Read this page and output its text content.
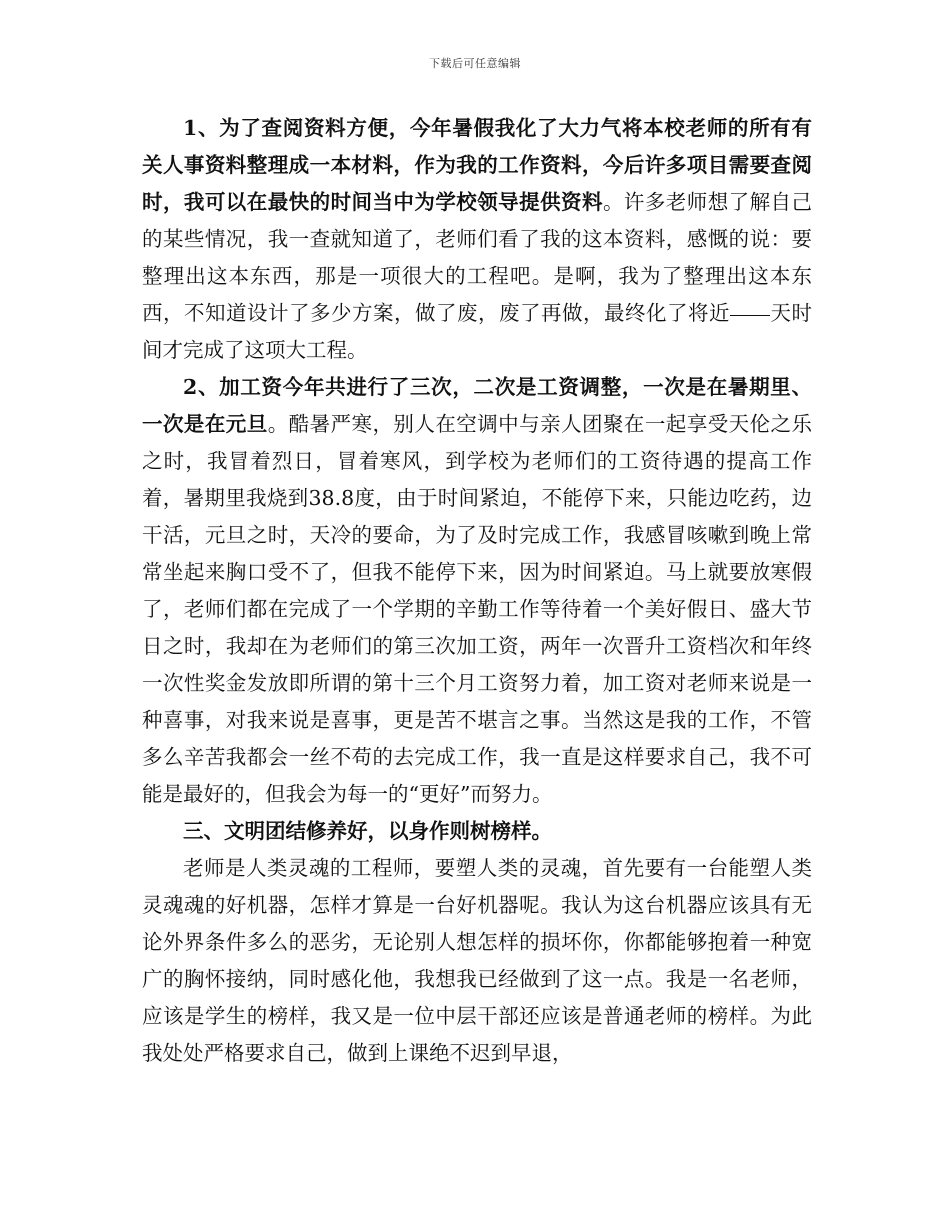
下载后可任意编辑

1、为了查阅资料方便，今年暑假我化了大力气将本校老师的所有有关人事资料整理成一本材料，作为我的工作资料，今后许多项目需要查阅时，我可以在最快的时间当中为学校领导提供资料。许多老师想了解自己的某些情况，我一查就知道了，老师们看了我的这本资料，感慨的说：要整理出这本东西，那是一项很大的工程吧。是啊，我为了整理出这本东西，不知道设计了多少方案，做了废，废了再做，最终化了将近 天时间才完成了这项大工程。

2、加工资今年共进行了三次，二次是工资调整，一次是在暑期里、一次是在元旦。酷暑严寒，别人在空调中与亲人团聚在一起享受天伦之乐之时，我冒着烈日，冒着寒风，到学校为老师们的工资待遇的提高工作着，暑期里我烧到38.8度，由于时间紧迫，不能停下来，只能边吃药，边干活，元旦之时，天冷的要命，为了及时完成工作，我感冒咳嗽到晚上常常坐起来胸口受不了，但我不能停下来，因为时间紧迫。马上就要放寒假了，老师们都在完成了一个学期的辛勤工作等待着一个美好假日、盛大节日之时，我却在为老师们的第三次加工资，两年一次晋升工资档次和年终一次性奖金发放即所谓的第十三个月工资努力着，加工资对老师来说是一种喜事，对我来说是喜事，更是苦不堪言之事。当然这是我的工作，不管多么辛苦我都会一丝不苟的去完成工作，我一直是这样要求自己，我不可能是最好的，但我会为每一的“更好”而努力。

三、文明团结修养好，以身作则树榜样。

老师是人类灵魂的工程师，要塑人类的灵魂，首先要有一台能塑人类灵魂魂的好机器，怎样才算是一台好机器呢。我认为这台机器应该具有无论外界条件多么的恶劣，无论别人想怎样的损坏你，你都能够抱着一种宽广的胸怀接纳，同时感化他，我想我已经做到了这一点。我是一名老师，应该是学生的榜样，我又是一位中层干部还应该是普通老师的榜样。为此我处处严格要求自己，做到上课绝不迟到早退，
